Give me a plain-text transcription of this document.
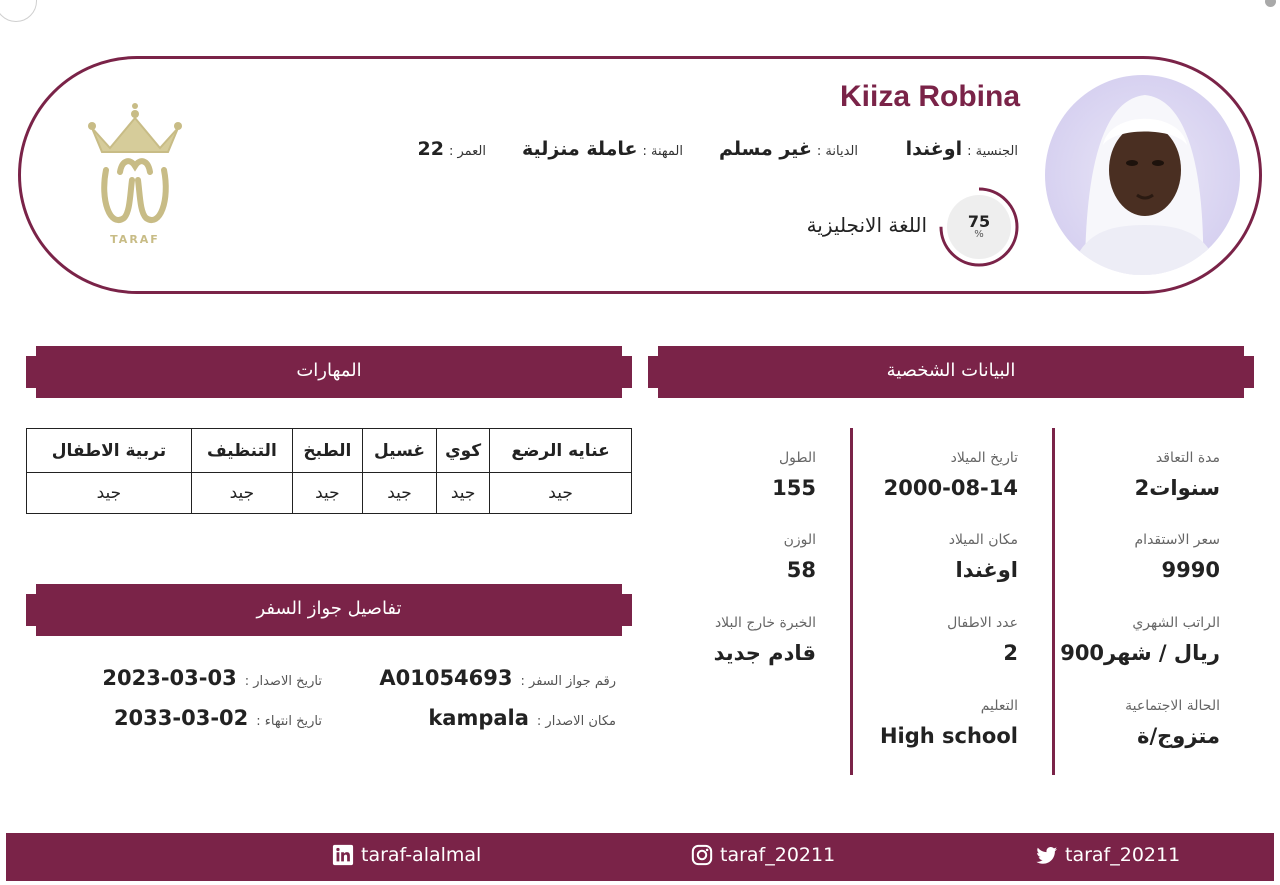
TARAF
Kiiza Robina
الجنسية :
اوغندا
الديانة :
غير مسلم
المهنة :
عاملة منزلية
العمر :
22
75
%
اللغة الانجليزية
البيانات الشخصية
المهارات
تفاصيل جواز السفر
مدة التعاقد
2سنوات
سعر الاستقدام
9990
الراتب الشهري
900ريال / شهر
الحالة الاجتماعية
متزوج/ة
تاريخ الميلاد
2000-08-14
مكان الميلاد
اوغندا
عدد الاطفال
2
التعليم
High school
الطول
155
الوزن
58
الخبرة خارج البلاد
قادم جديد
عنايه الرضع	كوي	غسيل	الطبخ	التنظيف	تربية الاطفال
جيد	جيد	جيد	جيد	جيد	جيد
رقم جواز السفر :
A01054693
تاريخ الاصدار :
2023-03-03
مكان الاصدار :
kampala
تاريخ انتهاء :
2033-03-02
taraf-alalmal	taraf_20211	taraf_20211
